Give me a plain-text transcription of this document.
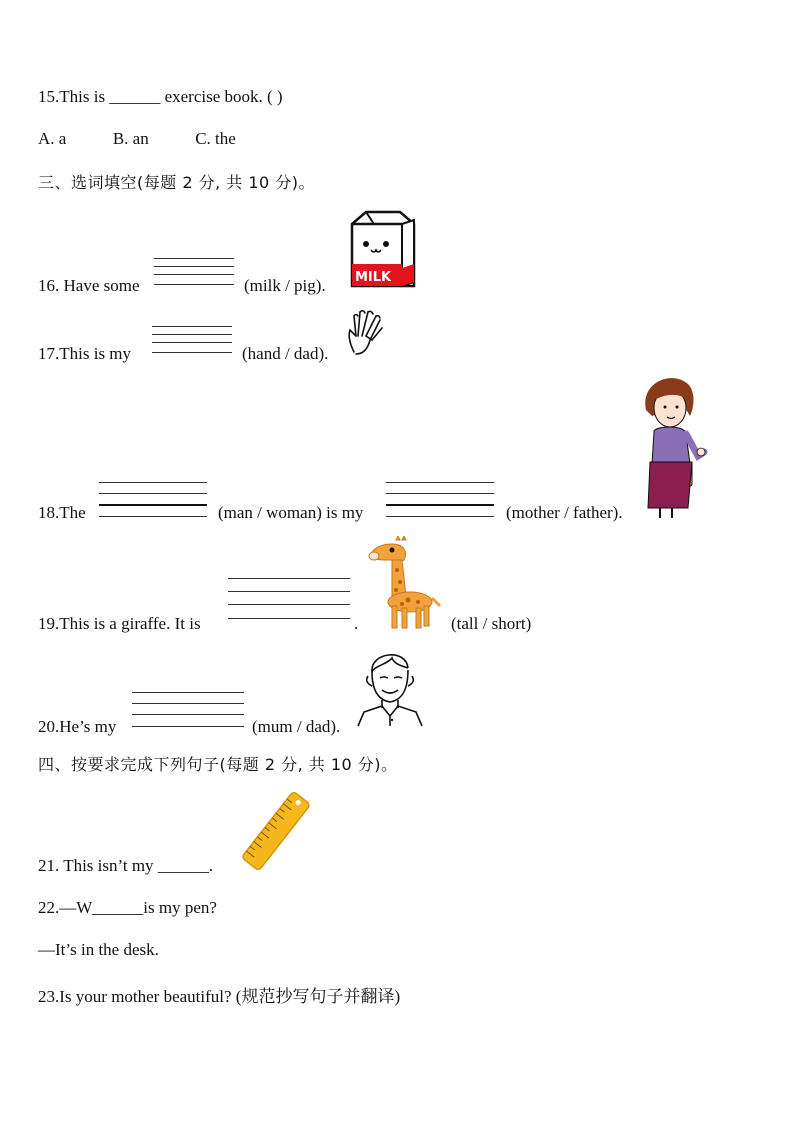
15.This is ______ exercise book. ( )
A. a	B. an	C. the
三、选词填空(每题 2 分, 共 10 分)。
16. Have some	(milk / pig). MILK
17.This is my	(hand / dad).
18.The	(man / woman) is my	(mother / father).
19.This is a giraffe. It is	.	(tall / short)
20.He’s my	(mum / dad).
四、按要求完成下列句子(每题 2 分, 共 10 分)。
21. This isn’t my ______.
22.—W______is my pen?
—It’s in the desk.
23.Is your mother beautiful? (规范抄写句子并翻译)
